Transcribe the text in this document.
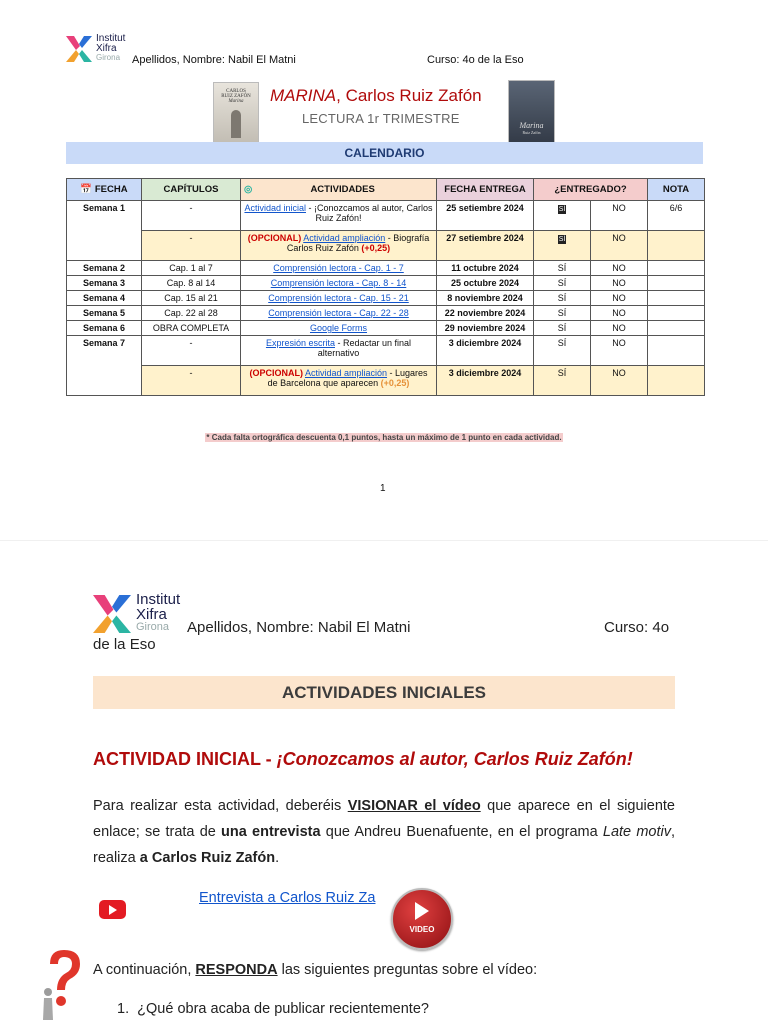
Institut
Xifra
Girona	Apellidos, Nombre: Nabil El Matni	Curso: 4o de la Eso
CARLOS
RUIZ ZAFÓN
Marina	MARINA, Carlos Ruiz Zafón
LECTURA 1r TRIMESTRE	Marina
Ruiz Zafón
CALENDARIO
📅 FECHA	CAPÍTULOS	◎ ACTIVIDADES	FECHA ENTREGA	¿ENTREGADO?		NOTA
Semana 1	-	Actividad inicial - ¡Conozcamos al autor, Carlos Ruiz Zafón!	25 setiembre 2024	SÍ	NO	6/6
	-	(OPCIONAL) Actividad ampliación - Biografía Carlos Ruiz Zafón (+0,25)	27 setiembre 2024	SÍ	NO	
Semana 2	Cap. 1 al 7	Comprensión lectora - Cap. 1 - 7	11 octubre 2024	SÍ	NO	
Semana 3	Cap. 8 al 14	Comprensión lectora - Cap. 8 - 14	25 octubre 2024	SÍ	NO	
Semana 4	Cap. 15 al 21	Comprensión lectora - Cap. 15 - 21	8 noviembre 2024	SÍ	NO	
Semana 5	Cap. 22 al 28	Comprensión lectora - Cap. 22 - 28	22 noviembre 2024	SÍ	NO	
Semana 6	OBRA COMPLETA	Google Forms	29 noviembre 2024	SÍ	NO	
Semana 7	-	Expresión escrita - Redactar un final alternativo	3 diciembre 2024	SÍ	NO	
	-	(OPCIONAL) Actividad ampliación - Lugares de Barcelona que aparecen (+0,25)	3 diciembre 2024	SÍ	NO	
* Cada falta ortográfica descuenta 0,1 puntos, hasta un máximo de 1 punto en cada actividad.
1
Institut
Xifra
Girona	Apellidos, Nombre: Nabil El Matni	Curso: 4o
de la Eso
ACTIVIDADES INICIALES
ACTIVIDAD INICIAL - ¡Conozcamos al autor, Carlos Ruiz Zafón!
Para realizar esta actividad, deberéis VISIONAR el vídeo que aparece en el siguiente enlace; se trata de una entrevista que Andreu Buenafuente, en el programa Late motiv, realiza a Carlos Ruiz Zafón.
Entrevista a Carlos Ruiz Za
VIDEO
A continuación, RESPONDA las siguientes preguntas sobre el vídeo:
1. ¿Qué obra acaba de publicar recientemente?
